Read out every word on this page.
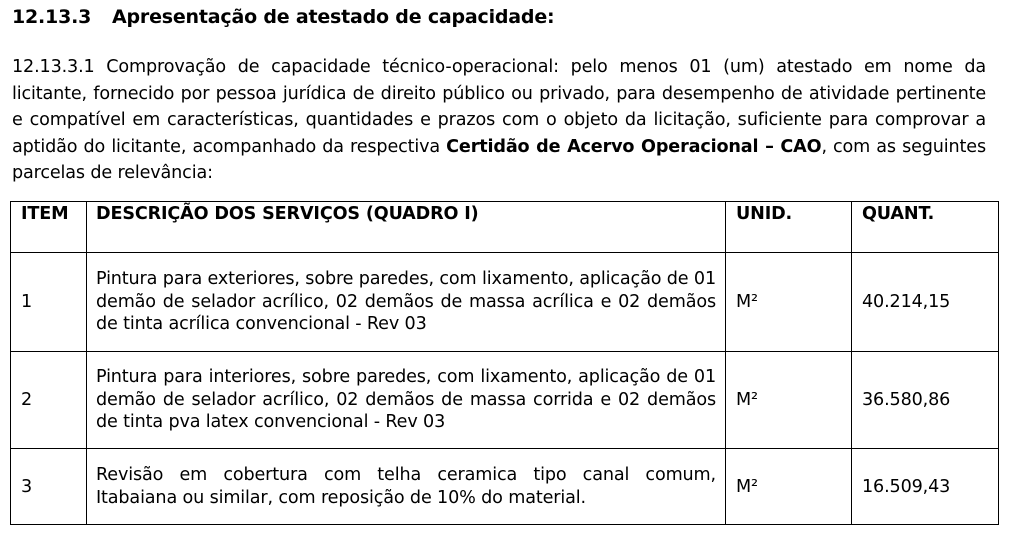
12.13.3 Apresentação de atestado de capacidade:
12.13.3.1 Comprovação de capacidade técnico-operacional: pelo menos 01 (um) atestado em nome da licitante, fornecido por pessoa jurídica de direito público ou privado, para desempenho de atividade pertinente e compatível em características, quantidades e prazos com o objeto da licitação, suficiente para comprovar a aptidão do licitante, acompanhado da respectiva Certidão de Acervo Operacional – CAO, com as seguintes parcelas de relevância:
ITEM	DESCRIÇÃO DOS SERVIÇOS (QUADRO I)	UNID.	QUANT.
1	Pintura para exteriores, sobre paredes, com lixamento, aplicação de 01 demão de selador acrílico, 02 demãos de massa acrílica e 02 demãos de tinta acrílica convencional - Rev 03	M²	40.214,15
2	Pintura para interiores, sobre paredes, com lixamento, aplicação de 01 demão de selador acrílico, 02 demãos de massa corrida e 02 demãos de tinta pva latex convencional - Rev 03	M²	36.580,86
3	Revisão em cobertura com telha ceramica tipo canal comum, Itabaiana ou similar, com reposição de 10% do material.	M²	16.509,43
